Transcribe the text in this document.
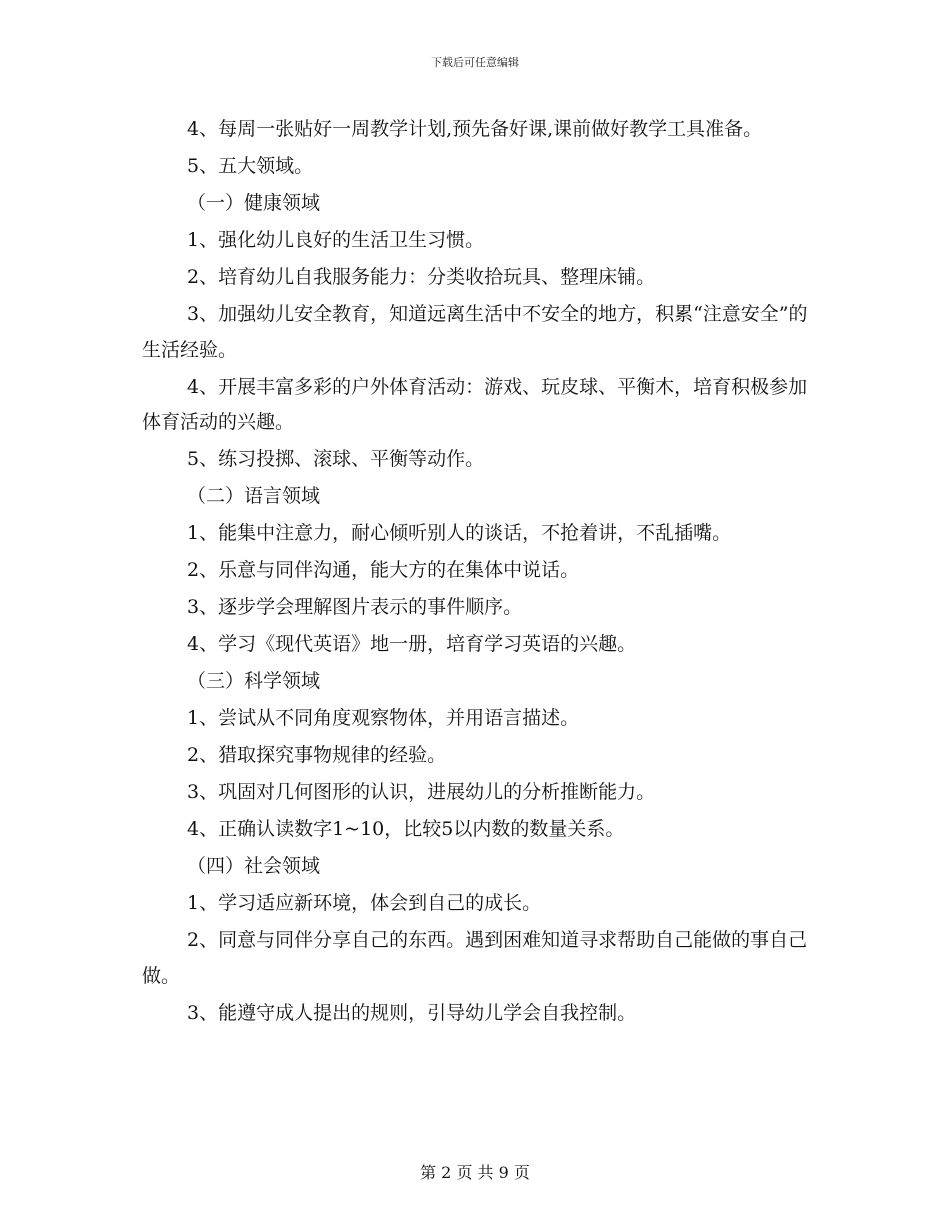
下载后可任意编辑

4、每周一张贴好一周教学计划,预先备好课,课前做好教学工具准备。

5、五大领域。

（一）健康领域

1、强化幼儿良好的生活卫生习惯。

2、培育幼儿自我服务能力：分类收拾玩具、整理床铺。

3、加强幼儿安全教育，知道远离生活中不安全的地方，积累“注意安全”的生活经验。

4、开展丰富多彩的户外体育活动：游戏、玩皮球、平衡木，培育积极参加体育活动的兴趣。

5、练习投掷、滚球、平衡等动作。

（二）语言领域

1、能集中注意力，耐心倾听别人的谈话，不抢着讲，不乱插嘴。

2、乐意与同伴沟通，能大方的在集体中说话。

3、逐步学会理解图片表示的事件顺序。

4、学习《现代英语》地一册，培育学习英语的兴趣。

（三）科学领域

1、尝试从不同角度观察物体，并用语言描述。

2、猎取探究事物规律的经验。

3、巩固对几何图形的认识，进展幼儿的分析推断能力。

4、正确认读数字1~10，比较5以内数的数量关系。

（四）社会领域

1、学习适应新环境，体会到自己的成长。

2、同意与同伴分享自己的东西。遇到困难知道寻求帮助自己能做的事自己做。

3、能遵守成人提出的规则，引导幼儿学会自我控制。

第 2 页 共 9 页
